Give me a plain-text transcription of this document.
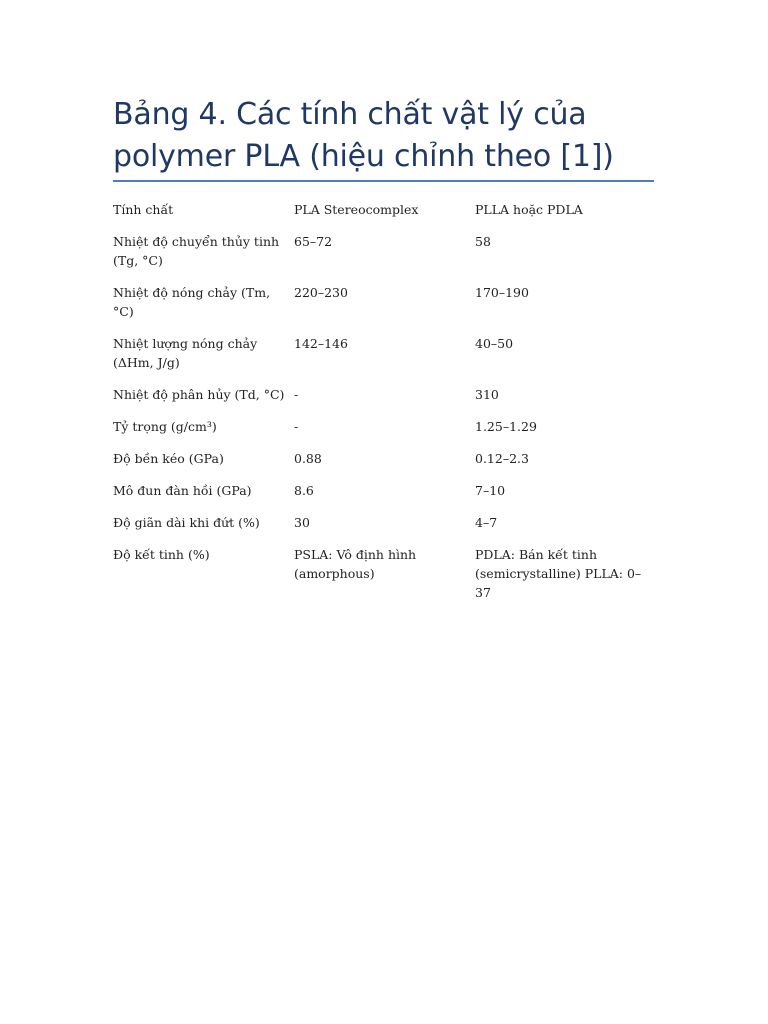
Bảng 4. Các tính chất vật lý của polymer PLA (hiệu chỉnh theo [1])
Tính chất	PLA Stereocomplex	PLLA hoặc PDLA
Nhiệt độ chuyển thủy tinh (Tg, °C)	65–72	58
Nhiệt độ nóng chảy (Tm, °C)	220–230	170–190
Nhiệt lượng nóng chảy (ΔHm, J/g)	142–146	40–50
Nhiệt độ phân hủy (Td, °C)	-	310
Tỷ trọng (g/cm³)	-	1.25–1.29
Độ bền kéo (GPa)	0.88	0.12–2.3
Mô đun đàn hồi (GPa)	8.6	7–10
Độ giãn dài khi đứt (%)	30	4–7
Độ kết tinh (%)	PSLA: Vô định hình (amorphous)	PDLA: Bán kết tinh (semicrystalline) PLLA: 0–37
